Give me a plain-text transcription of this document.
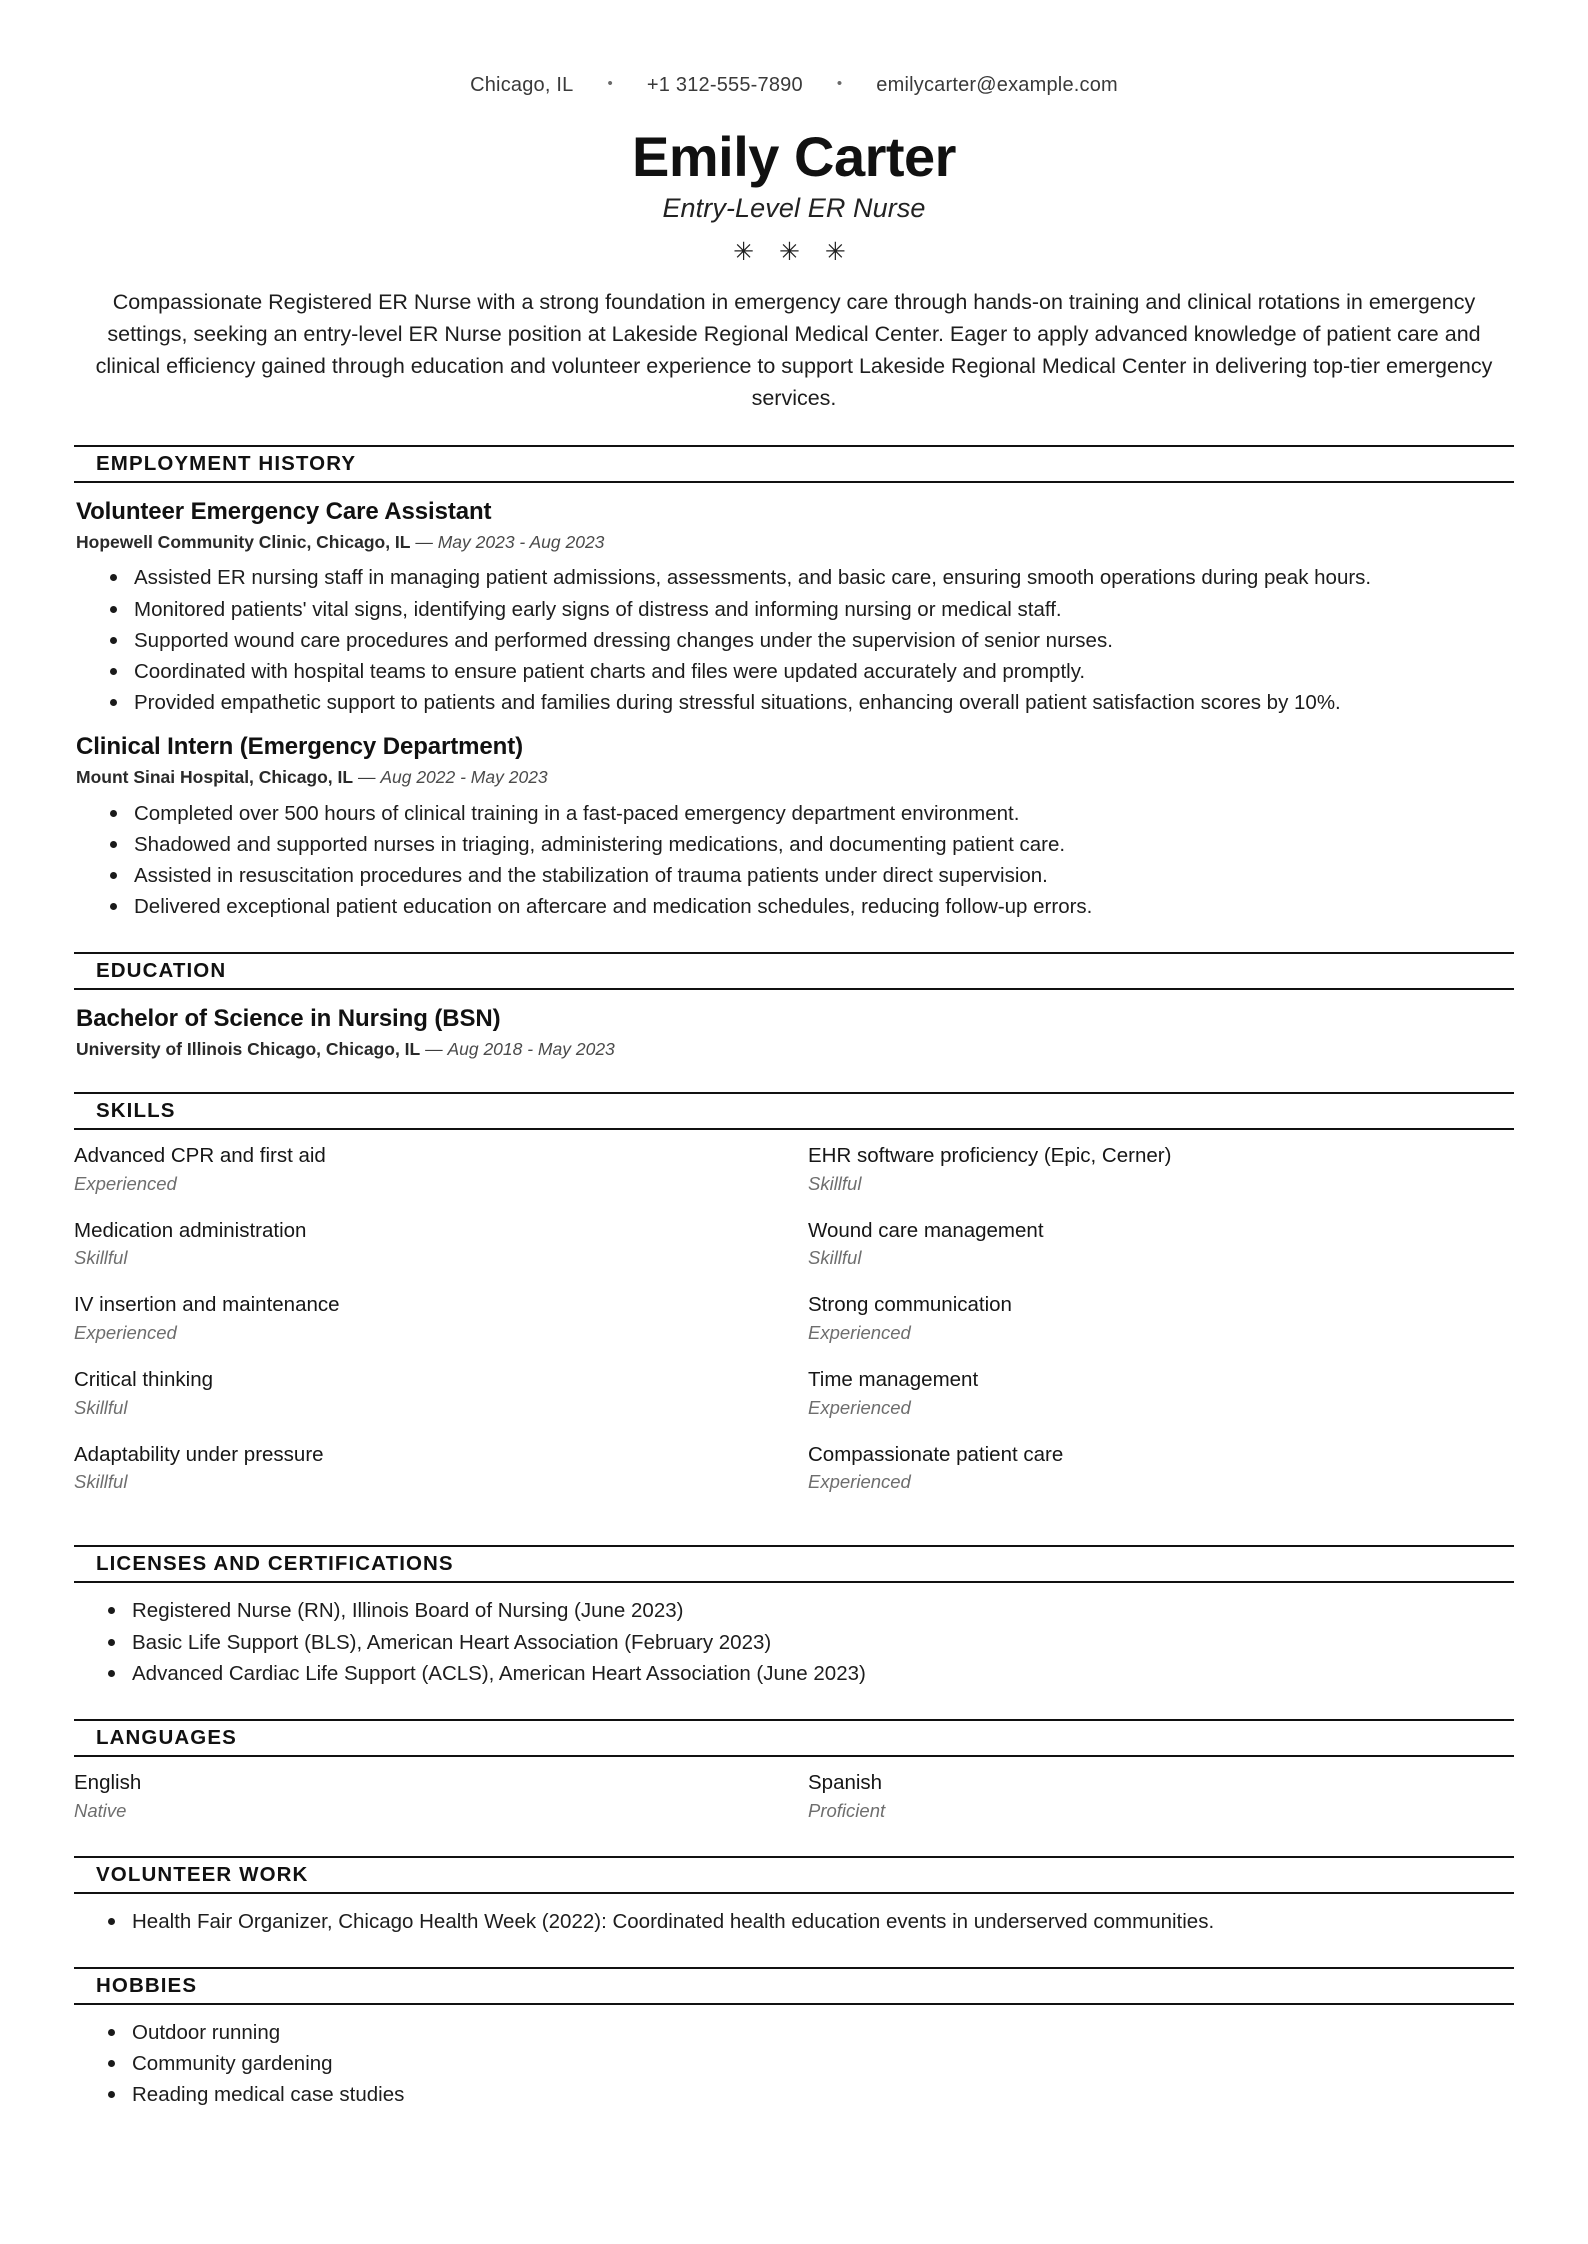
Chicago, IL	•	+1 312-555-7890	•	emilycarter@example.com
Emily Carter
Entry-Level ER Nurse
✳ ✳ ✳
Compassionate Registered ER Nurse with a strong foundation in emergency care through hands-on training and clinical rotations in emergency settings, seeking an entry-level ER Nurse position at Lakeside Regional Medical Center. Eager to apply advanced knowledge of patient care and clinical efficiency gained through education and volunteer experience to support Lakeside Regional Medical Center in delivering top-tier emergency services.
EMPLOYMENT HISTORY
Volunteer Emergency Care Assistant
Hopewell Community Clinic, Chicago, IL — May 2023 - Aug 2023
Assisted ER nursing staff in managing patient admissions, assessments, and basic care, ensuring smooth operations during peak hours.
Monitored patients' vital signs, identifying early signs of distress and informing nursing or medical staff.
Supported wound care procedures and performed dressing changes under the supervision of senior nurses.
Coordinated with hospital teams to ensure patient charts and files were updated accurately and promptly.
Provided empathetic support to patients and families during stressful situations, enhancing overall patient satisfaction scores by 10%.
Clinical Intern (Emergency Department)
Mount Sinai Hospital, Chicago, IL — Aug 2022 - May 2023
Completed over 500 hours of clinical training in a fast-paced emergency department environment.
Shadowed and supported nurses in triaging, administering medications, and documenting patient care.
Assisted in resuscitation procedures and the stabilization of trauma patients under direct supervision.
Delivered exceptional patient education on aftercare and medication schedules, reducing follow-up errors.
EDUCATION
Bachelor of Science in Nursing (BSN)
University of Illinois Chicago, Chicago, IL — Aug 2018 - May 2023
SKILLS
Advanced CPR and first aid
Experienced
EHR software proficiency (Epic, Cerner)
Skillful
Medication administration
Skillful
Wound care management
Skillful
IV insertion and maintenance
Experienced
Strong communication
Experienced
Critical thinking
Skillful
Time management
Experienced
Adaptability under pressure
Skillful
Compassionate patient care
Experienced
LICENSES AND CERTIFICATIONS
Registered Nurse (RN), Illinois Board of Nursing (June 2023)
Basic Life Support (BLS), American Heart Association (February 2023)
Advanced Cardiac Life Support (ACLS), American Heart Association (June 2023)
LANGUAGES
English
Native
Spanish
Proficient
VOLUNTEER WORK
Health Fair Organizer, Chicago Health Week (2022): Coordinated health education events in underserved communities.
HOBBIES
Outdoor running
Community gardening
Reading medical case studies
